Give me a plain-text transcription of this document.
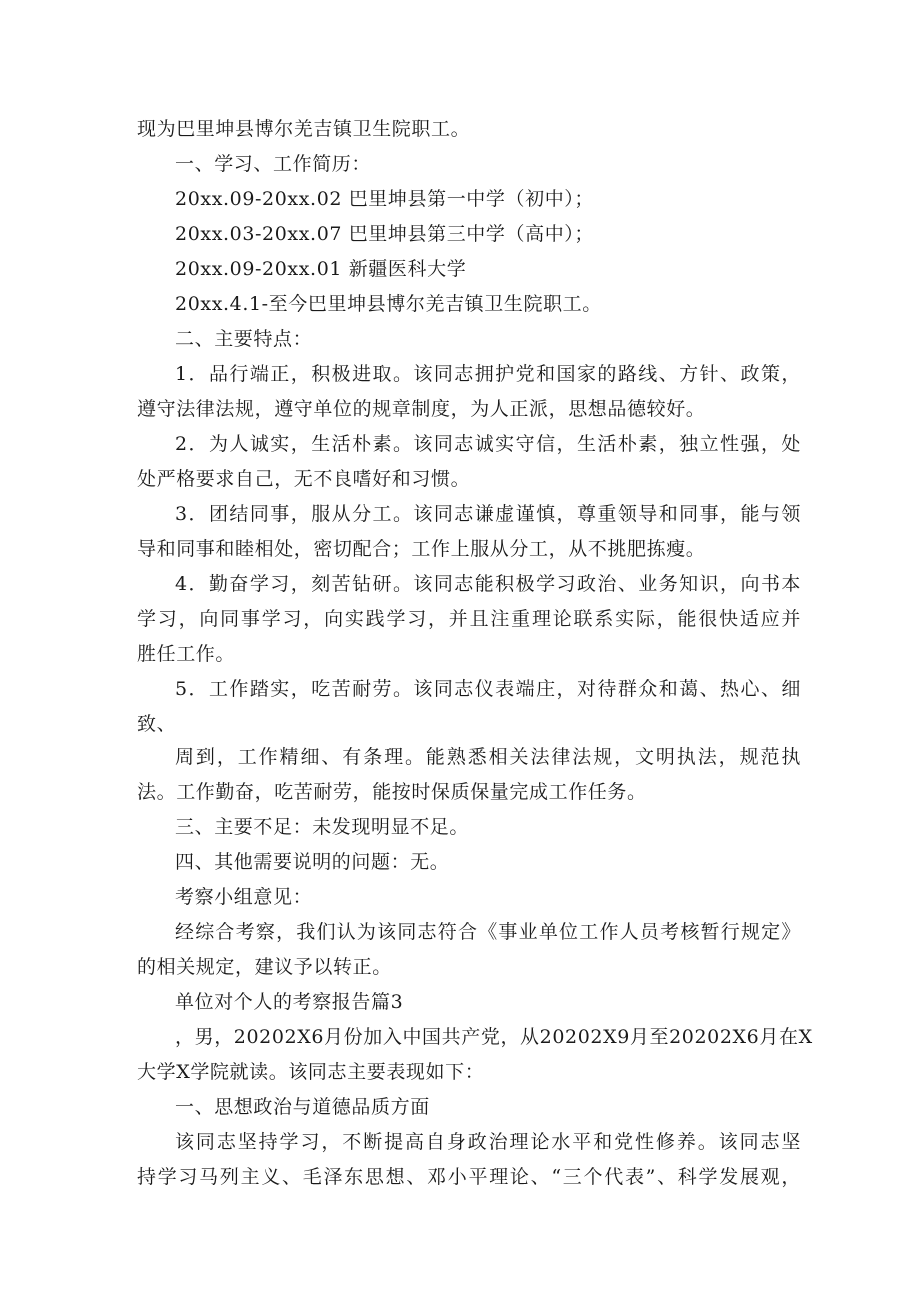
现为巴里坤县博尔羌吉镇卫生院职工。
一、学习、工作简历：
20xx.09-20xx.02 巴里坤县第一中学（初中）；
20xx.03-20xx.07 巴里坤县第三中学（高中）；
20xx.09-20xx.01 新疆医科大学
20xx.4.1-至今巴里坤县博尔羌吉镇卫生院职工。
二、主要特点：
1．品行端正，积极进取。该同志拥护党和国家的路线、方针、政策，
遵守法律法规，遵守单位的规章制度，为人正派，思想品德较好。
2．为人诚实，生活朴素。该同志诚实守信，生活朴素，独立性强，处
处严格要求自己，无不良嗜好和习惯。
3．团结同事，服从分工。该同志谦虚谨慎，尊重领导和同事，能与领
导和同事和睦相处，密切配合；工作上服从分工，从不挑肥拣瘦。
4．勤奋学习，刻苦钻研。该同志能积极学习政治、业务知识，向书本
学习，向同事学习，向实践学习，并且注重理论联系实际，能很快适应并
胜任工作。
5．工作踏实，吃苦耐劳。该同志仪表端庄，对待群众和蔼、热心、细
致、
周到，工作精细、有条理。能熟悉相关法律法规，文明执法，规范执
法。工作勤奋，吃苦耐劳，能按时保质保量完成工作任务。
三、主要不足：未发现明显不足。
四、其他需要说明的问题：无。
考察小组意见：
经综合考察，我们认为该同志符合《事业单位工作人员考核暂行规定》
的相关规定，建议予以转正。
单位对个人的考察报告篇3
，男，20202X6月份加入中国共产党，从20202X9月至20202X6月在X
大学X学院就读。该同志主要表现如下：
一、思想政治与道德品质方面
该同志坚持学习，不断提高自身政治理论水平和党性修养。该同志坚
持学习马列主义、毛泽东思想、邓小平理论、“三个代表”、科学发展观，
